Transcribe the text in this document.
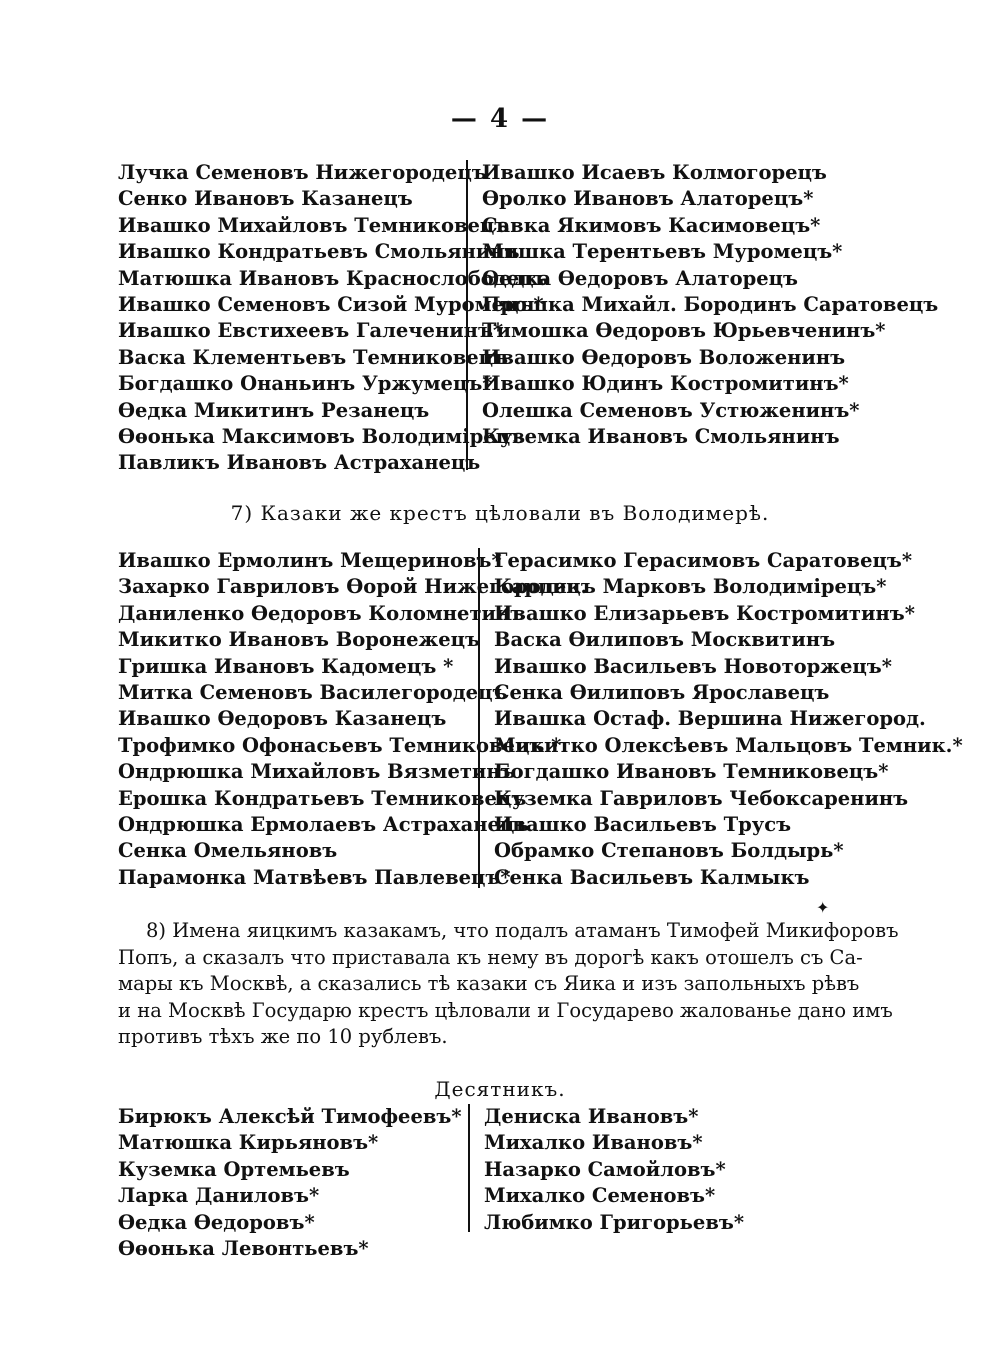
— 4 —
Лучка Семеновъ Нижегородецъ
Сенко Ивановъ Казанецъ
Ивашко Михайловъ Темниковецъ
Ивашко Кондратьевъ Смольянинъ
Матюшка Ивановъ Краснослободецъ
Ивашко Семеновъ Сизой Муромецъ*
Ивашко Евстихеевъ Галеченинъ*
Васка Клементьевъ Темниковецъ
Богдашко Онаньинъ Уржумецъ*
Ѳедка Микитинъ Резанецъ
Ѳѳонька Максимовъ Володимiрецъ
Павликъ Ивановъ Астраханецъ
Ивашко Исаевъ Колмогорецъ
Ѳролко Ивановъ Алаторецъ*
Савка Якимовъ Касимовецъ*
Мишка Терентьевъ Муромецъ*
Ѳедка Ѳедоровъ Алаторецъ
Прошка Михайл. Бородинъ Саратовецъ
Тимошка Ѳедоровъ Юрьевченинъ*
Ивашко Ѳедоровъ Воложенинъ
Ивашко Юдинъ Костромитинъ*
Олешка Семеновъ Устюженинъ*
Куземка Ивановъ Смольянинъ
7) Казаки же крестъ цѣловали въ Володимерѣ.
Ивашко Ермолинъ Мещериновъ*
Захарко Гавриловъ Ѳорой Нижегородец.
Даниленко Ѳедоровъ Коломнетинъ
Микитко Ивановъ Воронежецъ
Гришка Ивановъ Кадомецъ *
Митка Семеновъ Василегородецъ
Ивашко Ѳедоровъ Казанецъ
Трофимко Офонасьевъ Темниковецъ *
Ондрюшка Михайловъ Вязметинъ
Ерошка Кондратьевъ Темниковецъ
Ондрюшка Ермолаевъ Астраханецъ
Сенка Омельяновъ
Парамонка Матвѣевъ Павлевецъ*
Герасимко Герасимовъ Саратовецъ*
Карпикъ Марковъ Володимiрецъ*
Ивашко Елизарьевъ Костромитинъ*
Васка Ѳилиповъ Москвитинъ
Ивашко Васильевъ Новоторжецъ*
Сенка Ѳилиповъ Ярославецъ
Ивашка Остаф. Вершина Нижегород.
Микитко Олексѣевъ Мальцовъ Темник.*
Богдашко Ивановъ Темниковецъ*
Куземка Гавриловъ Чебоксаренинъ
Ивашко Васильевъ Трусъ
Обрамко Степановъ Болдырь*
Сенка Васильевъ Калмыкъ
✦
8) Имена яицкимъ казакамъ, что подалъ атаманъ Тимофей Микифоровъ
Попъ, а сказалъ что приставала къ нему въ дорогѣ какъ отошелъ съ Са-
мары къ Москвѣ, а сказались тѣ казаки съ Яика и изъ запольныхъ рѣвъ
и на Москвѣ Государю крестъ цѣловали и Государево жалованье дано имъ
противъ тѣхъ же по 10 рублевъ.
Десятникъ.
Бирюкъ Алексѣй Тимофеевъ*
Матюшка Кирьяновъ*
Куземка Ортемьевъ
Ларка Даниловъ*
Ѳедка Ѳедоровъ*
Ѳѳонька Левонтьевъ*
Дениска Ивановъ*
Михалко Ивановъ*
Назарко Самойловъ*
Михалко Семеновъ*
Любимко Григорьевъ*
